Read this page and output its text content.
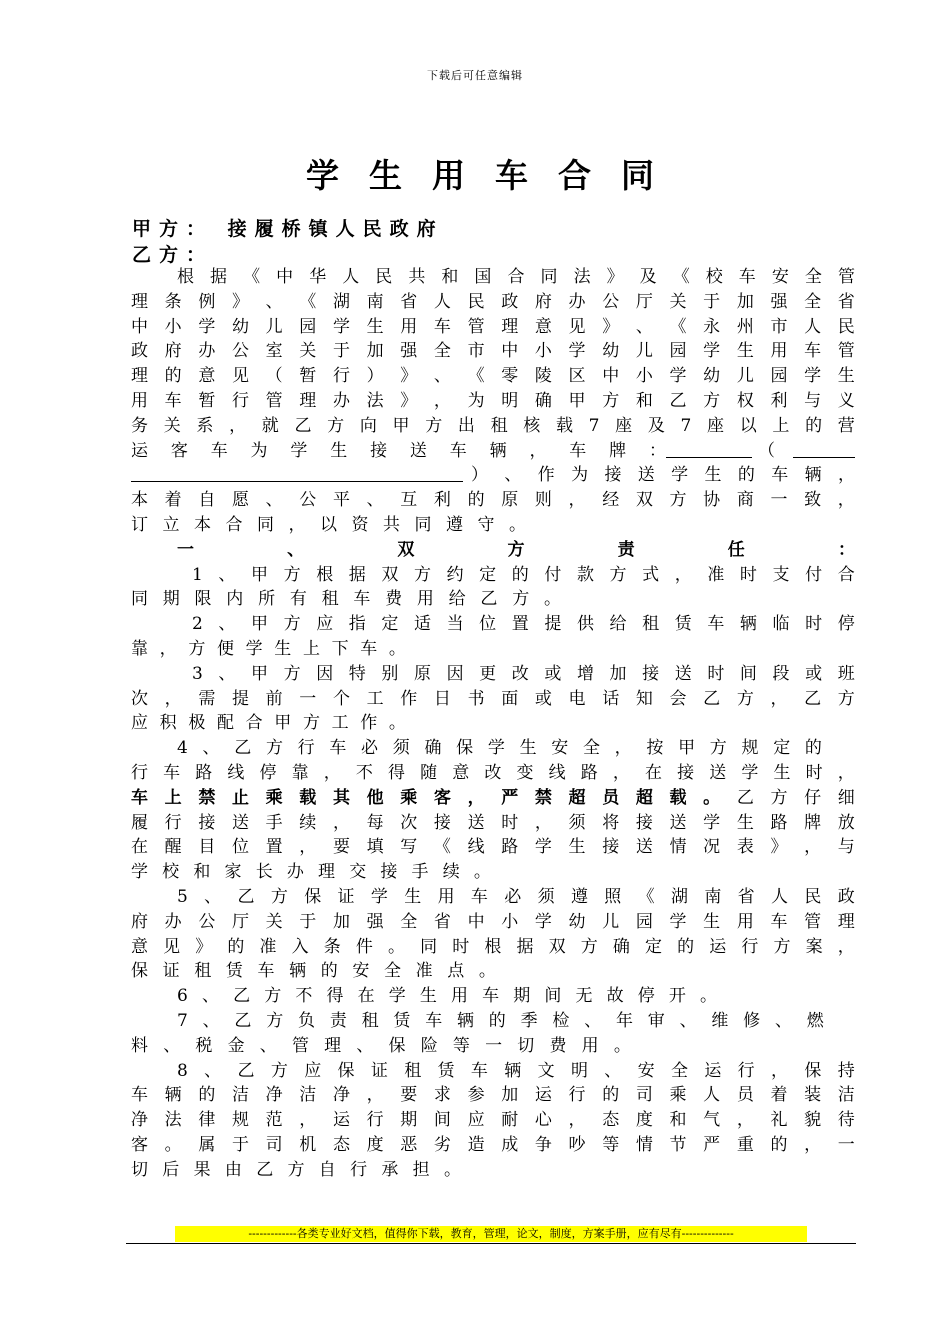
下载后可任意编辑
学生用车合同
甲方： 接履桥镇人民政府
乙方：
根 据 《 中 华 人 民 共 和 国 合 同 法 》 及 《 校 车 安 全 管
理 条 例 》 、 《 湖 南 省 人 民 政 府 办 公 厅 关 于 加 强 全 省
中 小 学 幼 儿 园 学 生 用 车 管 理 意 见 》 、 《 永 州 市 人 民
政 府 办 公 室 关 于 加 强 全 市 中 小 学 幼 儿 园 学 生 用 车 管
理 的 意 见 （ 暂 行 ） 》 、 《 零 陵 区 中 小 学 幼 儿 园 学 生
用 车 暂 行 管 理 办 法 》 ， 为 明 确 甲 方 和 乙 方 权 利 与 义
务 关 系 ， 就 乙 方 向 甲 方 出 租 核 载 7 座 及 7 座 以 上 的 营
运 客 车 为 学 生 接 送 车 辆 ， 车 牌 ：	（
） 、 作 为 接 送 学 生 的 车 辆 ，
本 着 自 愿 、 公 平 、 互 利 的 原 则 ， 经 双 方 协 商 一 致 ，
订 立 本 合 同 ， 以 资 共 同 遵 守 。
一	、	双	方	责	任	：
1 、 甲 方 根 据 双 方 约 定 的 付 款 方 式 ， 准 时 支 付 合
同 期 限 内 所 有 租 车 费 用 给 乙 方 。
2 、 甲 方 应 指 定 适 当 位 置 提 供 给 租 赁 车 辆 临 时 停
靠 ， 方 便 学 生 上 下 车 。
3 、 甲 方 因 特 别 原 因 更 改 或 增 加 接 送 时 间 段 或 班
次 ， 需 提 前 一 个 工 作 日 书 面 或 电 话 知 会 乙 方 ， 乙 方
应 积 极 配 合 甲 方 工 作 。
4 、 乙 方 行 车 必 须 确 保 学 生 安 全 ， 按 甲 方 规 定 的
行 车 路 线 停 靠 ， 不 得 随 意 改 变 线 路 ， 在 接 送 学 生 时 ，
车 上 禁 止 乘 载 其 他 乘 客 ， 严 禁 超 员 超 载 。 乙 方 仔 细
履 行 接 送 手 续 ， 每 次 接 送 时 ， 须 将 接 送 学 生 路 牌 放
在 醒 目 位 置 ， 要 填 写 《 线 路 学 生 接 送 情 况 表 》 ， 与
学 校 和 家 长 办 理 交 接 手 续 。
5 、 乙 方 保 证 学 生 用 车 必 须 遵 照 《 湖 南 省 人 民 政
府 办 公 厅 关 于 加 强 全 省 中 小 学 幼 儿 园 学 生 用 车 管 理
意 见 》 的 准 入 条 件 。 同 时 根 据 双 方 确 定 的 运 行 方 案 ，
保 证 租 赁 车 辆 的 安 全 准 点 。
6 、 乙 方 不 得 在 学 生 用 车 期 间 无 故 停 开 。
7 、 乙 方 负 责 租 赁 车 辆 的 季 检 、 年 审 、 维 修 、 燃
料 、 税 金 、 管 理 、 保 险 等 一 切 费 用 。
8 、 乙 方 应 保 证 租 赁 车 辆 文 明 、 安 全 运 行 ， 保 持
车 辆 的 洁 净 洁 净 ， 要 求 参 加 运 行 的 司 乘 人 员 着 装 洁
净 法 律 规 范 ， 运 行 期 间 应 耐 心 ， 态 度 和 气 ， 礼 貌 待
客 。 属 于 司 机 态 度 恶 劣 造 成 争 吵 等 情 节 严 重 的 ， 一
切 后 果 由 乙 方 自 行 承 担 。
-------------各类专业好文档，值得你下载，教育，管理，论文，制度，方案手册，应有尽有--------------
